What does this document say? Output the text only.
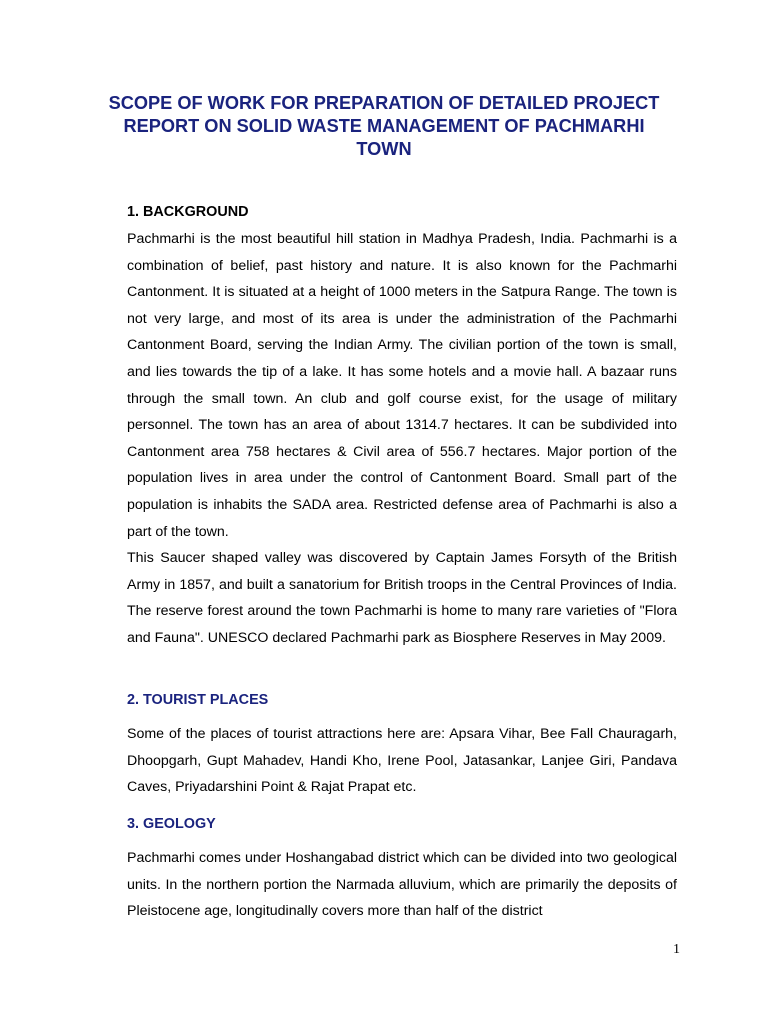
SCOPE OF WORK FOR PREPARATION OF DETAILED PROJECT REPORT ON SOLID WASTE MANAGEMENT OF PACHMARHI TOWN
1. BACKGROUND

Pachmarhi is the most beautiful hill station in Madhya Pradesh, India. Pachmarhi is a combination of belief, past history and nature. It is also known for the Pachmarhi Cantonment. It is situated at a height of 1000 meters in the Satpura Range. The town is not very large, and most of its area is under the administration of the Pachmarhi Cantonment Board, serving the Indian Army. The civilian portion of the town is small, and lies towards the tip of a lake. It has some hotels and a movie hall. A bazaar runs through the small town. An club and golf course exist, for the usage of military personnel. The town has an area of about 1314.7 hectares. It can be subdivided into Cantonment area 758 hectares & Civil area of 556.7 hectares. Major portion of the population lives in area under the control of Cantonment Board. Small part of the population is inhabits the SADA area. Restricted defense area of Pachmarhi is also a part of the town.

This Saucer shaped valley was discovered by Captain James Forsyth of the British Army in 1857, and built a sanatorium for British troops in the Central Provinces of India. The reserve forest around the town Pachmarhi is home to many rare varieties of "Flora and Fauna". UNESCO declared Pachmarhi park as Biosphere Reserves in May 2009.

2. TOURIST PLACES

Some of the places of tourist attractions here are: Apsara Vihar, Bee Fall Chauragarh, Dhoopgarh, Gupt Mahadev, Handi Kho, Irene Pool, Jatasankar, Lanjee Giri, Pandava Caves, Priyadarshini Point & Rajat Prapat etc.

3. GEOLOGY

Pachmarhi comes under Hoshangabad district which can be divided into two geological units. In the northern portion the Narmada alluvium, which are primarily the deposits of Pleistocene age, longitudinally covers more than half of the district

1
